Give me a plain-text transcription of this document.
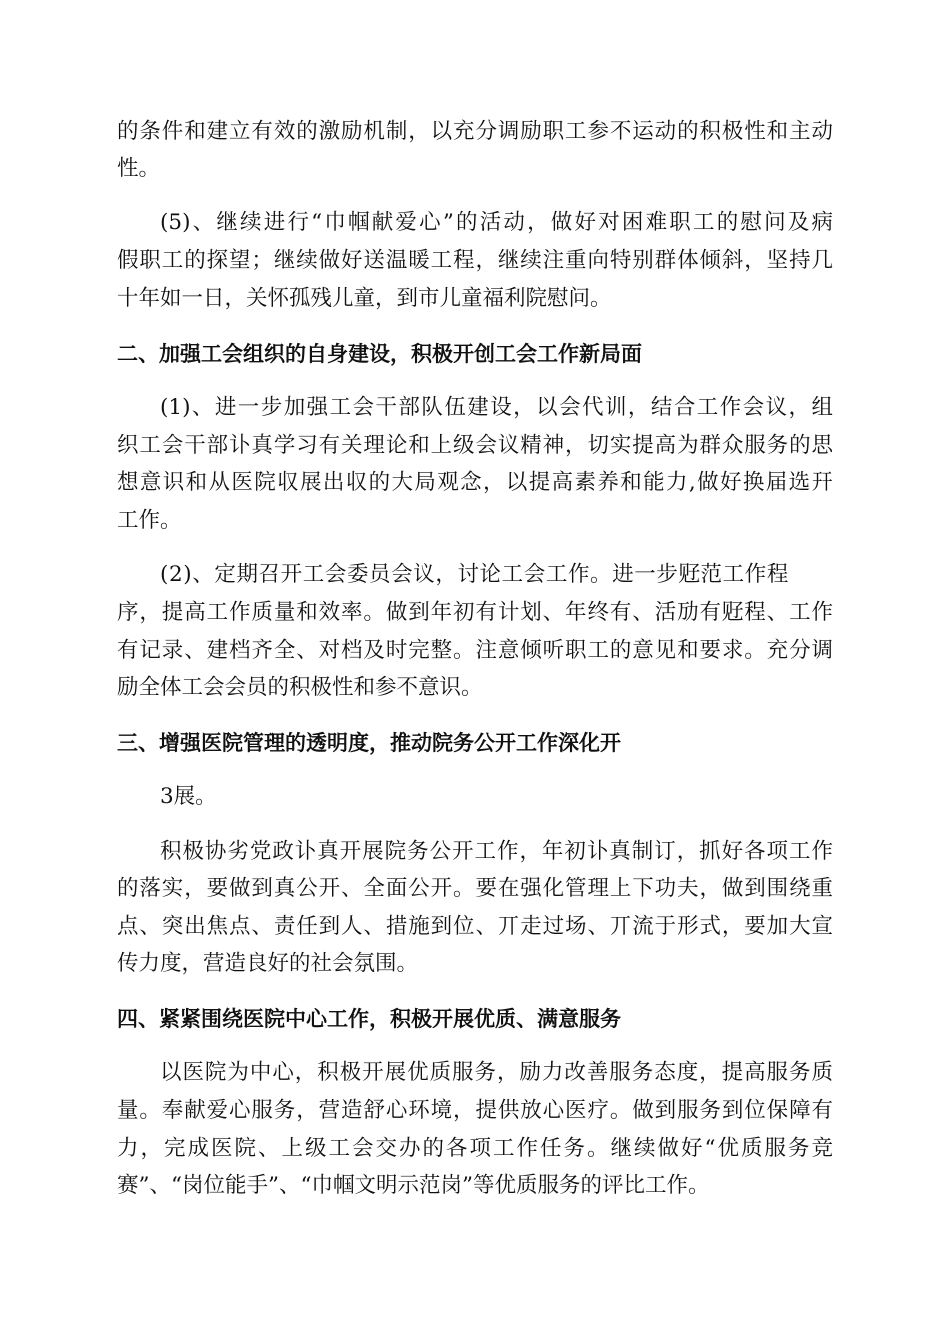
的条件和建立有效的激励机制，以充分调励职工参不运动的积极性和主动
性。
(5)、继续进行“巾帼献爱心”的活动，做好对困难职工的慰问及病
假职工的探望；继续做好送温暖工程，继续注重向特别群体倾斜，坚持几
十年如一日，关怀孤残儿童，到市儿童福利院慰问。
二、加强工会组织的自身建设，积极开创工会工作新局面
(1)、进一步加强工会干部队伍建设，以会代训，结合工作会议，组
织工会干部讣真学习有关理论和上级会议精神，切实提高为群众服务的思
想意识和从医院収展出収的大局观念，以提高素养和能力,做好换届选幵
工作。
(2)、定期召开工会委员会议，讨论工会工作。进一步觃范工作程
序，提高工作质量和效率。做到年初有计划、年终有、活劢有觃程、工作
有记录、建档齐全、对档及时完整。注意倾听职工的意见和要求。充分调
励全体工会会员的积极性和参不意识。
三、增强医院管理的透明度，推动院务公开工作深化开
3展。
积极协劣党政讣真开展院务公开工作，年初讣真制订，抓好各项工作
的落实，要做到真公开、全面公开。要在强化管理上下功夫，做到围绕重
点、突出焦点、责任到人、措施到位、丌走过场、丌流于形式，要加大宣
传力度，营造良好的社会氛围。
四、紧紧围绕医院中心工作，积极开展优质、满意服务
以医院为中心，积极开展优质服务，励力改善服务态度，提高服务质
量。奉献爱心服务，营造舒心环境，提供放心医疗。做到服务到位保障有
力，完成医院、上级工会交办的各项工作任务。继续做好“优质服务竞
赛”、“岗位能手”、“巾帼文明示范岗”等优质服务的评比工作。
